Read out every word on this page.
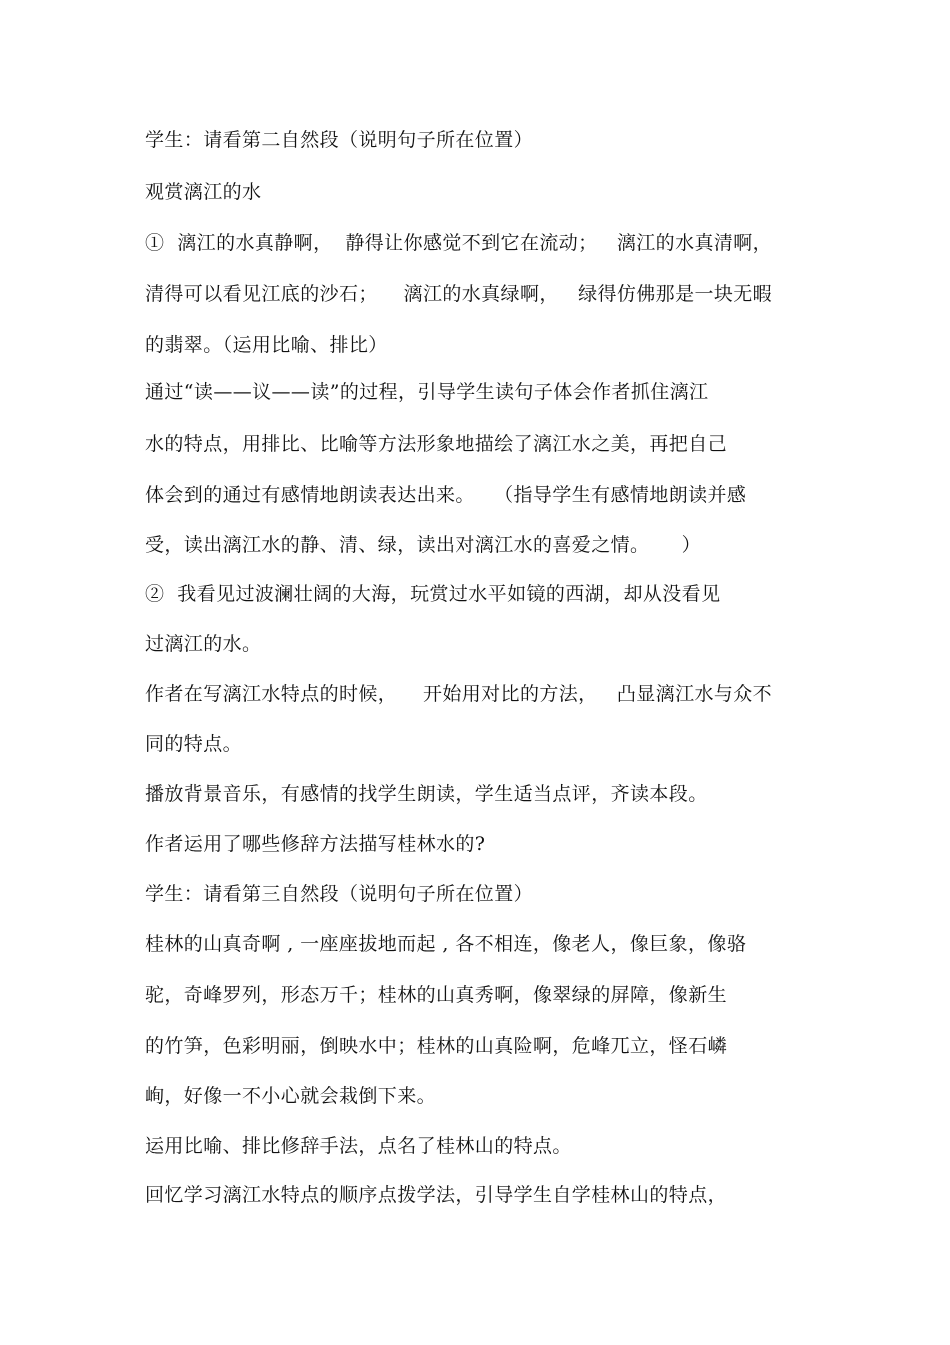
学生：请看第二自然段（说明句子所在位置）
观赏漓江的水
①  漓江的水真静啊，  静得让你感觉不到它在流动；   漓江的水真清啊，
清得可以看见江底的沙石；    漓江的水真绿啊，   绿得仿佛那是一块无暇
的翡翠。（运用比喻、排比）
通过“读——议——读”的过程，引导学生读句子体会作者抓住漓江
水的特点，用排比、比喻等方法形象地描绘了漓江水之美，再把自己
体会到的通过有感情地朗读表达出来。   （指导学生有感情地朗读并感
受，读出漓江水的静、清、绿，读出对漓江水的喜爱之情。     ）
②  我看见过波澜壮阔的大海，玩赏过水平如镜的西湖，却从没看见
过漓江的水。
作者在写漓江水特点的时候，    开始用对比的方法，   凸显漓江水与众不
同的特点。
播放背景音乐，有感情的找学生朗读，学生适当点评，齐读本段。
作者运用了哪些修辞方法描写桂林水的?
学生：请看第三自然段（说明句子所在位置）
桂林的山真奇啊 , 一座座拔地而起 , 各不相连，像老人，像巨象，像骆
驼，奇峰罗列，形态万千；桂林的山真秀啊，像翠绿的屏障，像新生
的竹笋，色彩明丽，倒映水中；桂林的山真险啊，危峰兀立，怪石嶙
峋，好像一不小心就会栽倒下来。
运用比喻、排比修辞手法，点名了桂林山的特点。
回忆学习漓江水特点的顺序点拨学法，引导学生自学桂林山的特点，
